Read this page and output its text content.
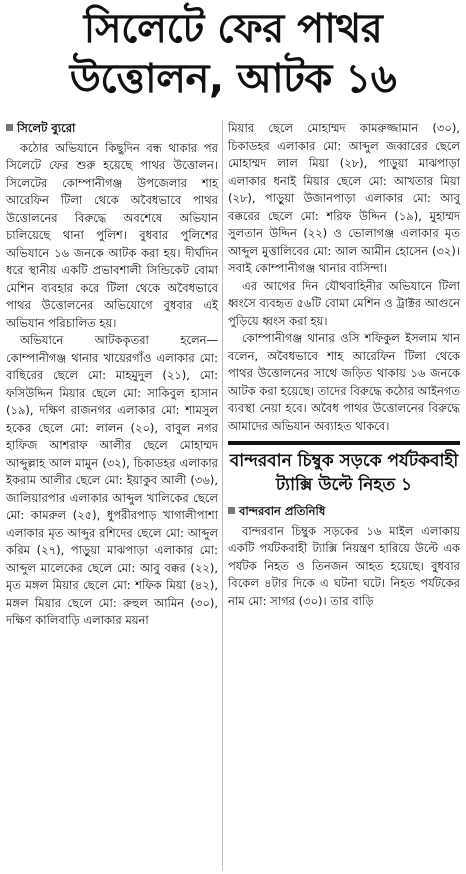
সিলেটে ফের পাথর
উত্তোলন, আটক ১৬
সিলেট ব্যুরো

কঠোর অভিযানে কিছুদিন বন্ধ থাকার পর সিলেটে ফের শুরু হয়েছে পাথর উত্তোলন। সিলেটের কোম্পানীগঞ্জ উপজেলার শাহ আরেফিন টিলা থেকে অবৈধভাবে পাথর উত্তোলনের বিরুদ্ধে অবশেষে অভিযান চালিয়েছে থানা পুলিশ। বুধবার পুলিশের অভিযানে ১৬ জনকে আটক করা হয়। দীর্ঘদিন ধরে স্থানীয় একটি প্রভাবশালী সিন্ডিকেট বোমা মেশিন ব্যবহার করে টিলা থেকে অবৈধভাবে পাথর উত্তোলনের অভিযোগে বুধবার এই অভিযান পরিচালিত হয়।

অভিযানে আটককৃতরা হলেন— কোম্পানীগঞ্জ থানার খায়েরগাঁও এলাকার মো: বাছিরের ছেলে মো: মাহমুদুল (২১), মো: ফসিউদ্দিন মিয়ার ছেলে মো: সাকিবুল হাসান (১৯), দক্ষিণ রাজনগর এলাকার মো: শামসুল হকের ছেলে মো: লালন (২০), বাবুল নগর হাফিজ আশরাফ আলীর ছেলে মোহাম্মদ আব্দুল্লাহ আল মামুন (৩২), চিকাডহর এলাকার ইকরাম আলীর ছেলে মো: ইয়াকুব আলী (৩৬), জালিয়ারপার এলাকার আব্দুল খালিকের ছেলে মো: কামরুল (২৫), ধুপরীরপাড় খাগালীপাশা এলাকার মৃত আব্দুর রশিদের ছেলে মো: আব্দুল করিম (২৭), পাড়ুয়া মাঝপাড়া এলাকার মো: আব্দুল মালেকের ছেলে মো: আবু বক্কর (২২), মৃত মঙ্গল মিয়ার ছেলে মো: শফিক মিয়া (৪২), মঙ্গল মিয়ার ছেলে মো: রুহুল আমিন (৩০), দক্ষিণ কালিবাড়ি এলাকার ময়না

মিয়ার ছেলে মোহাম্মদ কামরুজ্জামান (৩০), চিকাডহর এলাকার মো: আব্দুল জব্বারের ছেলে মোহাম্মদ লাল মিয়া (২৮), পাড়ুয়া মাঝপাড়া এলাকার ধনাই মিয়ার ছেলে মো: আখতার মিয়া (২৮), পাড়ুয়া উজানপাড়া এলাকার মো: আবু বক্করের ছেলে মো: শরিফ উদ্দিন (১৯), মুহাম্মদ সুলতান উদ্দিন (২২) ও ভোলাগঞ্জ এলাকার মৃত আব্দুল মুত্তালিবের মো: আল আমীন হোসেন (৩২)। সবাই কোম্পানীগঞ্জ থানার বাসিন্দা।

এর আগের দিন যৌথবাহিনীর অভিযানে টিলা ধ্বংসে ব্যবহৃত ৫৬টি বোমা মেশিন ও ট্রাক্টর আগুনে পুড়িয়ে ধ্বংস করা হয়।

কোম্পানীগঞ্জ থানার ওসি শফিকুল ইসলাম খান বলেন, অবৈধভাবে শাহ আরেফিন টিলা থেকে পাথর উত্তোলনের সাথে জড়িত থাকায় ১৬ জনকে আটক করা হয়েছে। তাদের বিরুদ্ধে কঠোর আইনগত ব্যবস্থা নেয়া হবে। অবৈধ পাথর উত্তোলনের বিরুদ্ধে আমাদের অভিযান অব্যাহত থাকবে।

বান্দরবান চিম্বুক সড়কে পর্যটকবাহী ট্যাক্সি উল্টে নিহত ১
বান্দরবান প্রতিনিধি

বান্দরবান চিম্বুক সড়কের ১৬ মাইল এলাকায় একটি পর্যটকবাহী ট্যাক্সি নিয়ন্ত্রণ হারিয়ে উল্টে এক পর্যটক নিহত ও তিনজন আহত হয়েছে। বুধবার বিকেল ৪টার দিকে এ ঘটনা ঘটে। নিহত পর্যটকের নাম মো: সাগর (৩০)। তার বাড়ি
